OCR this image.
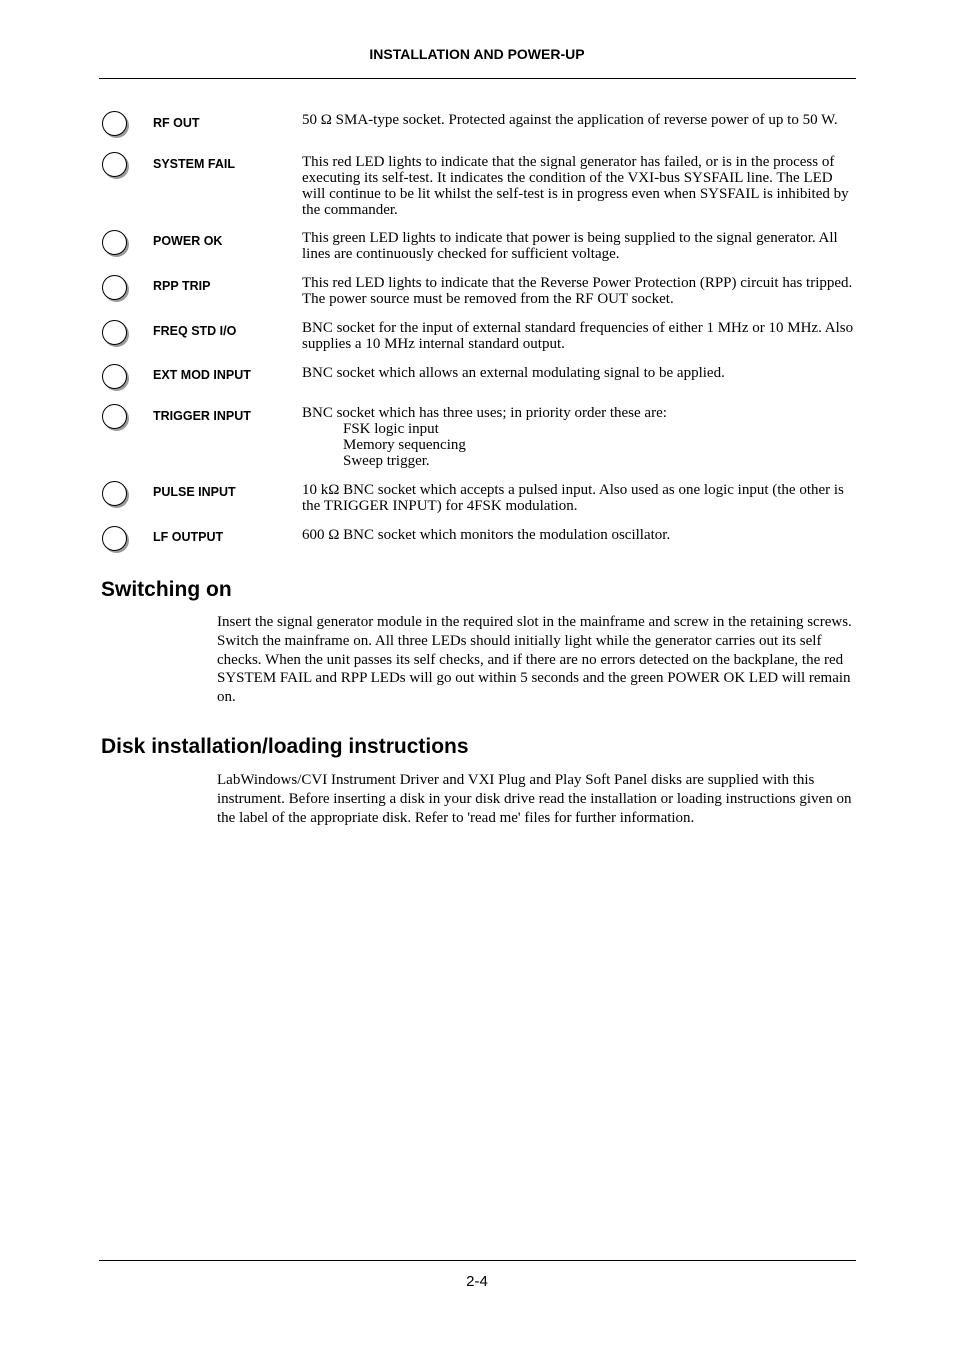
INSTALLATION AND POWER-UP
RF OUT	50 Ω SMA-type socket. Protected against the application of reverse power of up to 50 W.
SYSTEM FAIL	This red LED lights to indicate that the signal generator has failed, or is in the process of executing its self-test. It indicates the condition of the VXI-bus SYSFAIL line. The LED will continue to be lit whilst the self-test is in progress even when SYSFAIL is inhibited by the commander.
POWER OK	This green LED lights to indicate that power is being supplied to the signal generator. All lines are continuously checked for sufficient voltage.
RPP TRIP	This red LED lights to indicate that the Reverse Power Protection (RPP) circuit has tripped. The power source must be removed from the RF OUT socket.
FREQ STD I/O	BNC socket for the input of external standard frequencies of either 1 MHz or 10 MHz. Also supplies a 10 MHz internal standard output.
EXT MOD INPUT	BNC socket which allows an external modulating signal to be applied.
TRIGGER INPUT	BNC socket which has three uses; in priority order these are:
FSK logic input
Memory sequencing
Sweep trigger.
PULSE INPUT	10 kΩ BNC socket which accepts a pulsed input. Also used as one logic input (the other is the TRIGGER INPUT) for 4FSK modulation.
LF OUTPUT	600 Ω BNC socket which monitors the modulation oscillator.
Switching on
Insert the signal generator module in the required slot in the mainframe and screw in the retaining screws. Switch the mainframe on. All three LEDs should initially light while the generator carries out its self checks. When the unit passes its self checks, and if there are no errors detected on the backplane, the red SYSTEM FAIL and RPP LEDs will go out within 5 seconds and the green POWER OK LED will remain on.
Disk installation/loading instructions
LabWindows/CVI Instrument Driver and VXI Plug and Play Soft Panel disks are supplied with this instrument. Before inserting a disk in your disk drive read the installation or loading instructions given on the label of the appropriate disk. Refer to 'read me' files for further information.
2-4
